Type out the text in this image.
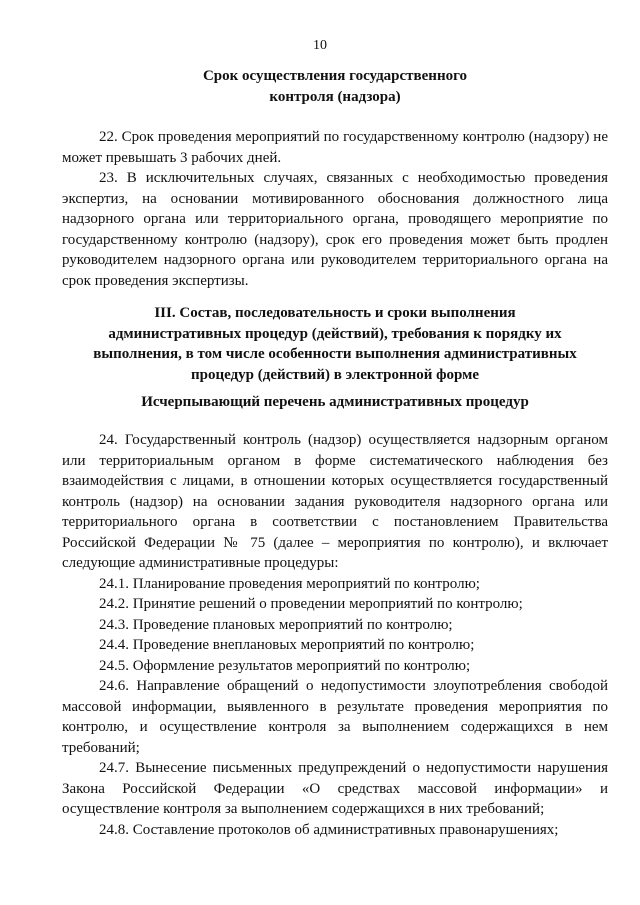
10

Срок осуществления государственного

контроля (надзора)

22. Срок проведения мероприятий по государственному контролю (надзору) не может превышать 3 рабочих дней.

23. В исключительных случаях, связанных с необходимостью проведения экспертиз, на основании мотивированного обоснования должностного лица надзорного органа или территориального органа, проводящего мероприятие по государственному контролю (надзору), срок его проведения может быть продлен руководителем надзорного органа или руководителем территориального органа на срок проведения экспертизы.

III. Состав, последовательность и сроки выполнения

административных процедур (действий), требования к порядку их

выполнения, в том числе особенности выполнения административных

процедур (действий) в электронной форме

Исчерпывающий перечень административных процедур

24. Государственный контроль (надзор) осуществляется надзорным органом или территориальным органом в форме систематического наблюдения без взаимодействия с лицами, в отношении которых осуществляется государственный контроль (надзор) на основании задания руководителя надзорного органа или территориального органа в соответствии с постановлением Правительства Российской Федерации № 75 (далее – мероприятия по контролю), и включает следующие административные процедуры:

24.1. Планирование проведения мероприятий по контролю;

24.2. Принятие решений о проведении мероприятий по контролю;

24.3. Проведение плановых мероприятий по контролю;

24.4. Проведение внеплановых мероприятий по контролю;

24.5. Оформление результатов мероприятий по контролю;

24.6. Направление обращений о недопустимости злоупотребления свободой массовой информации, выявленного в результате проведения мероприятия по контролю, и осуществление контроля за выполнением содержащихся в нем требований;

24.7. Вынесение письменных предупреждений о недопустимости нарушения Закона Российской Федерации «О средствах массовой информации» и осуществление контроля за выполнением содержащихся в них требований;

24.8. Составление протоколов об административных правонарушениях;
